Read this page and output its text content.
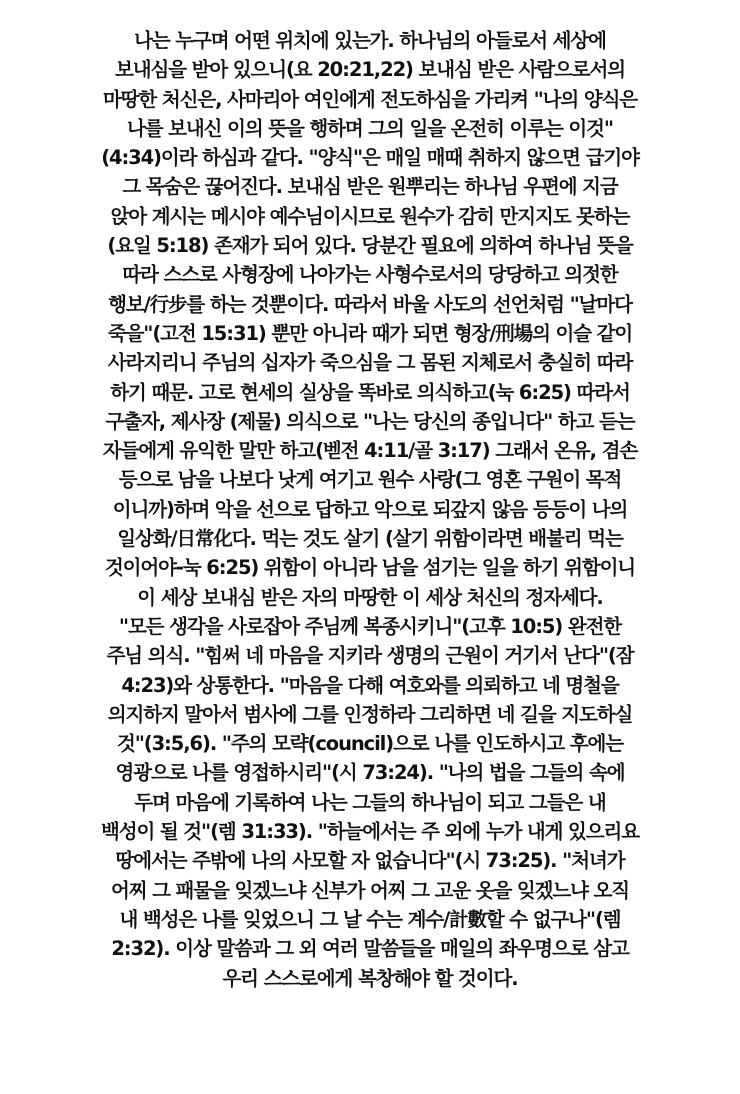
나는 누구며 어떤 위치에 있는가. 하나님의 아들로서 세상에
보내심을 받아 있으니(요 20:21,22) 보내심 받은 사람으로서의
마땅한 처신은, 사마리아 여인에게 전도하심을 가리켜 "나의 양식은
나를 보내신 이의 뜻을 행하며 그의 일을 온전히 이루는 이것"
(4:34)이라 하심과 같다. "양식"은 매일 매때 취하지 않으면 급기야
그 목숨은 끊어진다. 보내심 받은 원뿌리는 하나님 우편에 지금
앉아 계시는 메시야 예수님이시므로 원수가 감히 만지지도 못하는
(요일 5:18) 존재가 되어 있다. 당분간 필요에 의하여 하나님 뜻을
따라 스스로 사형장에 나아가는 사형수로서의 당당하고 의젓한
행보/行步를 하는 것뿐이다. 따라서 바울 사도의 선언처럼 "날마다
죽을"(고전 15:31) 뿐만 아니라 때가 되면 형장/刑場의 이슬 같이
사라지리니 주님의 십자가 죽으심을 그 몸된 지체로서 충실히 따라
하기 때문. 고로 현세의 실상을 똑바로 의식하고(눅 6:25) 따라서
구출자, 제사장 (제물) 의식으로 "나는 당신의 종입니다" 하고 듣는
자들에게 유익한 말만 하고(벧전 4:11/골 3:17) 그래서 온유, 겸손
등으로 남을 나보다 낫게 여기고 원수 사랑(그 영혼 구원이 목적
이니까)하며 악을 선으로 답하고 악으로 되갚지 않음 등등이 나의
일상화/日常化다. 먹는 것도 살기 (살기 위함이라면 배불리 먹는
것이어야-눅 6:25) 위함이 아니라 남을 섬기는 일을 하기 위함이니
이 세상 보내심 받은 자의 마땅한 이 세상 처신의 정자세다.
"모든 생각을 사로잡아 주님께 복종시키니"(고후 10:5) 완전한
주님 의식. "힘써 네 마음을 지키라 생명의 근원이 거기서 난다"(잠
4:23)와 상통한다. "마음을 다해 여호와를 의뢰하고 네 명철을
의지하지 말아서 범사에 그를 인정하라 그리하면 네 길을 지도하실
것"(3:5,6). "주의 모략(council)으로 나를 인도하시고 후에는
영광으로 나를 영접하시리"(시 73:24). "나의 법을 그들의 속에
두며 마음에 기록하여 나는 그들의 하나님이 되고 그들은 내
백성이 될 것"(렘 31:33). "하늘에서는 주 외에 누가 내게 있으리요
땅에서는 주밖에 나의 사모할 자 없습니다"(시 73:25). "처녀가
어찌 그 패물을 잊겠느냐 신부가 어찌 그 고운 옷을 잊겠느냐 오직
내 백성은 나를 잊었으니 그 날 수는 계수/計數할 수 없구나"(렘
2:32). 이상 말씀과 그 외 여러 말씀들을 매일의 좌우명으로 삼고
우리 스스로에게 복창해야 할 것이다.
